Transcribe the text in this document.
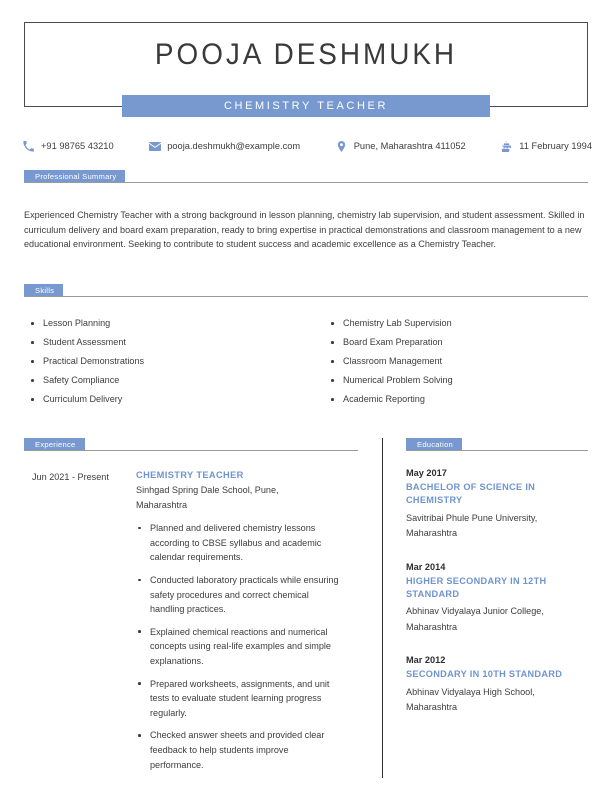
POOJA DESHMUKH
CHEMISTRY TEACHER
+91 98765 43210	pooja.deshmukh@example.com	Pune, Maharashtra 411052	11 February 1994
Professional Summary
Experienced Chemistry Teacher with a strong background in lesson planning, chemistry lab supervision, and student assessment. Skilled in curriculum delivery and board exam preparation, ready to bring expertise in practical demonstrations and classroom management to a new educational environment. Seeking to contribute to student success and academic excellence as a Chemistry Teacher.
Skills
Lesson Planning
Student Assessment
Practical Demonstrations
Safety Compliance
Curriculum Delivery
Chemistry Lab Supervision
Board Exam Preparation
Classroom Management
Numerical Problem Solving
Academic Reporting
Experience
Jun 2021 - Present	CHEMISTRY TEACHER
Sinhgad Spring Dale School, Pune, Maharashtra
Planned and delivered chemistry lessons according to CBSE syllabus and academic calendar requirements.
Conducted laboratory practicals while ensuring safety procedures and correct chemical handling practices.
Explained chemical reactions and numerical concepts using real-life examples and simple explanations.
Prepared worksheets, assignments, and unit tests to evaluate student learning progress regularly.
Checked answer sheets and provided clear feedback to help students improve performance.
Education
May 2017
BACHELOR OF SCIENCE IN CHEMISTRY
Savitribai Phule Pune University, Maharashtra
Mar 2014
HIGHER SECONDARY IN 12TH STANDARD
Abhinav Vidyalaya Junior College, Maharashtra
Mar 2012
SECONDARY IN 10TH STANDARD
Abhinav Vidyalaya High School, Maharashtra
